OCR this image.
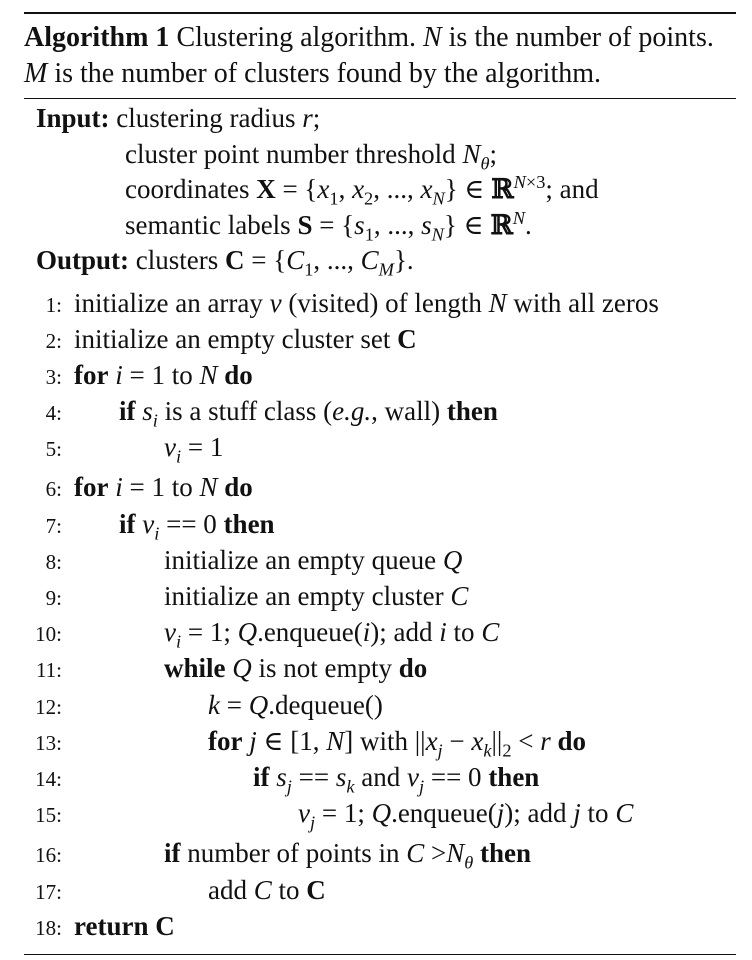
Algorithm 1 Clustering algorithm. N is the number of points. M is the number of clusters found by the algorithm.
Input: clustering radius r;
cluster point number threshold $N_\theta$;
coordinates $X = \{x_1$, $x_2$, ..., $x_N$} ∈ ℝ$^{N\times 3}$; and
semantic labels $S = \{s_1$, ..., $s_N$} ∈ ℝ$^N$.
Output: clusters $C = \{C_1$, ..., $C_M$}.
1: initialize an array v (visited) of length N with all zeros
2: initialize an empty cluster set C
3: for i = 1 to N do
4: if $s_i$ is a stuff class (e.g., wall) then
5:	$v_i = 1$
6: for i = 1 to N do
7: if $v_i == 0$ then
8:	initialize an empty queue Q
9:	initialize an empty cluster C
10:	$v_i = 1$; Q.enqueue(i); add i to C
11:	while Q is not empty do
12:	k = Q.dequeue()
13:	for j ∈ [1, N] with $||x_j - x_k||_2 < r$ do
14:	if $s_j == s_k$ and $v_j == 0$ then
15:	$v_j = 1$; Q.enqueue(j); add j to C
16:	if number of points in $C >N_\theta$ then
17:	add C to C
18: return C
